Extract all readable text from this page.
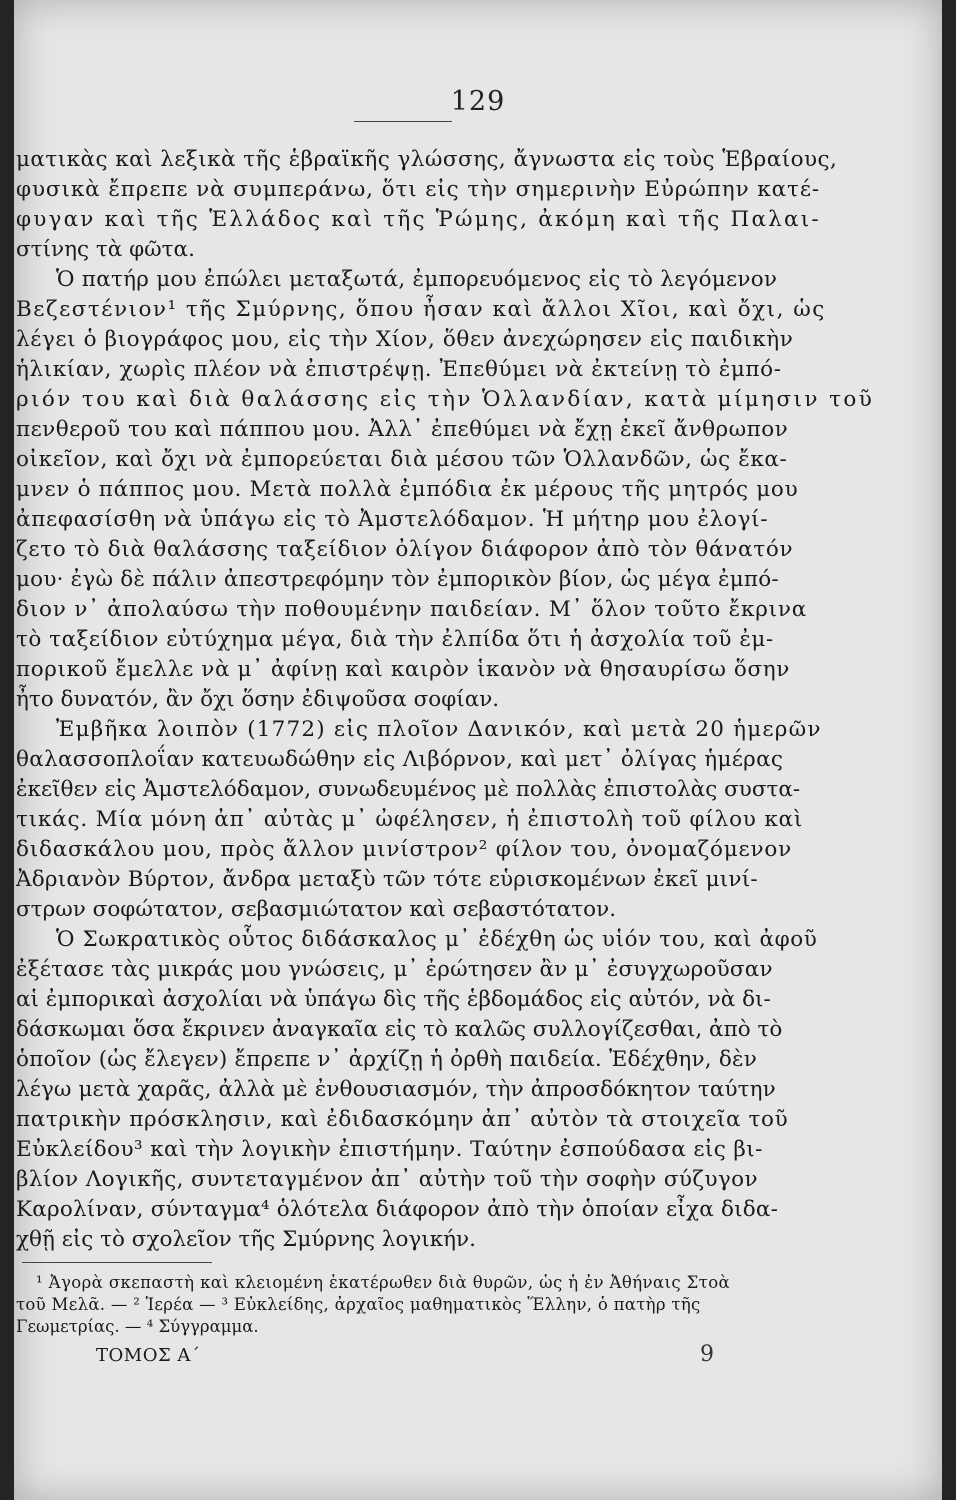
129
ματικὰς καὶ λεξικὰ τῆς ἑβραϊκῆς γλώσσης, ἄγνωστα εἰς τοὺς Ἑβραίους,
φυσικὰ ἔπρεπε νὰ συμπεράνω, ὅτι εἰς τὴν σημερινὴν Εὐρώπην κατέ-
φυγαν καὶ τῆς Ἑλλάδος καὶ τῆς Ῥώμης, ἀκόμη καὶ τῆς Παλαι-
στίνης τὰ φῶτα.
Ὁ πατήρ μου ἐπώλει μεταξωτά, ἐμπορευόμενος εἰς τὸ λεγόμενον
Βεζεστένιον¹ τῆς Σμύρνης, ὅπου ἦσαν καὶ ἄλλοι Χῖοι, καὶ ὄχι, ὡς
λέγει ὁ βιογράφος μου, εἰς τὴν Χίον, ὅθεν ἀνεχώρησεν εἰς παιδικὴν
ἡλικίαν, χωρὶς πλέον νὰ ἐπιστρέψῃ. Ἐπεθύμει νὰ ἐκτείνῃ τὸ ἐμπό-
ριόν του καὶ διὰ θαλάσσης εἰς τὴν Ὁλλανδίαν, κατὰ μίμησιν τοῦ
πενθεροῦ του καὶ πάππου μου. Ἀλλ᾽ ἐπεθύμει νὰ ἔχῃ ἐκεῖ ἄνθρωπον
οἰκεῖον, καὶ ὄχι νὰ ἐμπορεύεται διὰ μέσου τῶν Ὁλλανδῶν, ὡς ἔκα-
μνεν ὁ πάππος μου. Μετὰ πολλὰ ἐμπόδια ἐκ μέρους τῆς μητρός μου
ἀπεφασίσθη νὰ ὑπάγω εἰς τὸ Ἀμστελόδαμον. Ἡ μήτηρ μου ἐλογί-
ζετο τὸ διὰ θαλάσσης ταξείδιον ὀλίγον διάφορον ἀπὸ τὸν θάνατόν
μου· ἐγὼ δὲ πάλιν ἀπεστρεφόμην τὸν ἐμπορικὸν βίον, ὡς μέγα ἐμπό-
διον ν᾽ ἀπολαύσω τὴν ποθουμένην παιδείαν. Μ᾽ ὅλον τοῦτο ἔκρινα
τὸ ταξείδιον εὐτύχημα μέγα, διὰ τὴν ἐλπίδα ὅτι ἡ ἀσχολία τοῦ ἐμ-
πορικοῦ ἔμελλε νὰ μ᾽ ἀφίνῃ καὶ καιρὸν ἱκανὸν νὰ θησαυρίσω ὅσην
ἦτο δυνατόν, ἂν ὄχι ὅσην ἐδιψοῦσα σοφίαν.
Ἐμβῆκα λοιπὸν (1772) εἰς πλοῖον Δανικόν, καὶ μετὰ 20 ἡμερῶν
θαλασσοπλοΐαν κατευωδώθην εἰς Λιβόρνον, καὶ μετ᾽ ὀλίγας ἡμέρας
ἐκεῖθεν εἰς Ἀμστελόδαμον, συνωδευμένος μὲ πολλὰς ἐπιστολὰς συστα-
τικάς. Μία μόνη ἀπ᾽ αὐτὰς μ᾽ ὠφέλησεν, ἡ ἐπιστολὴ τοῦ φίλου καὶ
διδασκάλου μου, πρὸς ἄλλον μινίστρον² φίλον του, ὀνομαζόμενον
Ἀδριανὸν Βύρτον, ἄνδρα μεταξὺ τῶν τότε εὑρισκομένων ἐκεῖ μινί-
στρων σοφώτατον, σεβασμιώτατον καὶ σεβαστότατον.
Ὁ Σωκρατικὸς οὗτος διδάσκαλος μ᾽ ἐδέχθη ὡς υἱόν του, καὶ ἀφοῦ
ἐξέτασε τὰς μικράς μου γνώσεις, μ᾽ ἐρώτησεν ἂν μ᾽ ἐσυγχωροῦσαν
αἱ ἐμπορικαὶ ἀσχολίαι νὰ ὑπάγω δὶς τῆς ἑβδομάδος εἰς αὐτόν, νὰ δι-
δάσκωμαι ὅσα ἔκρινεν ἀναγκαῖα εἰς τὸ καλῶς συλλογίζεσθαι, ἀπὸ τὸ
ὁποῖον (ὡς ἔλεγεν) ἔπρεπε ν᾽ ἀρχίζῃ ἡ ὀρθὴ παιδεία. Ἐδέχθην, δὲν
λέγω μετὰ χαρᾶς, ἀλλὰ μὲ ἐνθουσιασμόν, τὴν ἀπροσδόκητον ταύτην
πατρικὴν πρόσκλησιν, καὶ ἐδιδασκόμην ἀπ᾽ αὐτὸν τὰ στοιχεῖα τοῦ
Εὐκλείδου³ καὶ τὴν λογικὴν ἐπιστήμην. Ταύτην ἐσπούδασα εἰς βι-
βλίον Λογικῆς, συντεταγμένον ἀπ᾽ αὐτὴν τοῦ τὴν σοφὴν σύζυγον
Καρολίναν, σύνταγμα⁴ ὁλότελα διάφορον ἀπὸ τὴν ὁποίαν εἶχα διδα-
χθῇ εἰς τὸ σχολεῖον τῆς Σμύρνης λογικήν.
¹ Ἀγορὰ σκεπαστὴ καὶ κλειομένη ἑκατέρωθεν διὰ θυρῶν, ὡς ἡ ἐν Ἀθήναις Στοὰ
τοῦ Μελᾶ. — ² Ἱερέα — ³ Εὐκλείδης, ἀρχαῖος μαθηματικὸς Ἕλλην, ὁ πατὴρ τῆς
Γεωμετρίας. — ⁴ Σύγγραμμα.
ΤΟΜΟΣ Α΄	9
